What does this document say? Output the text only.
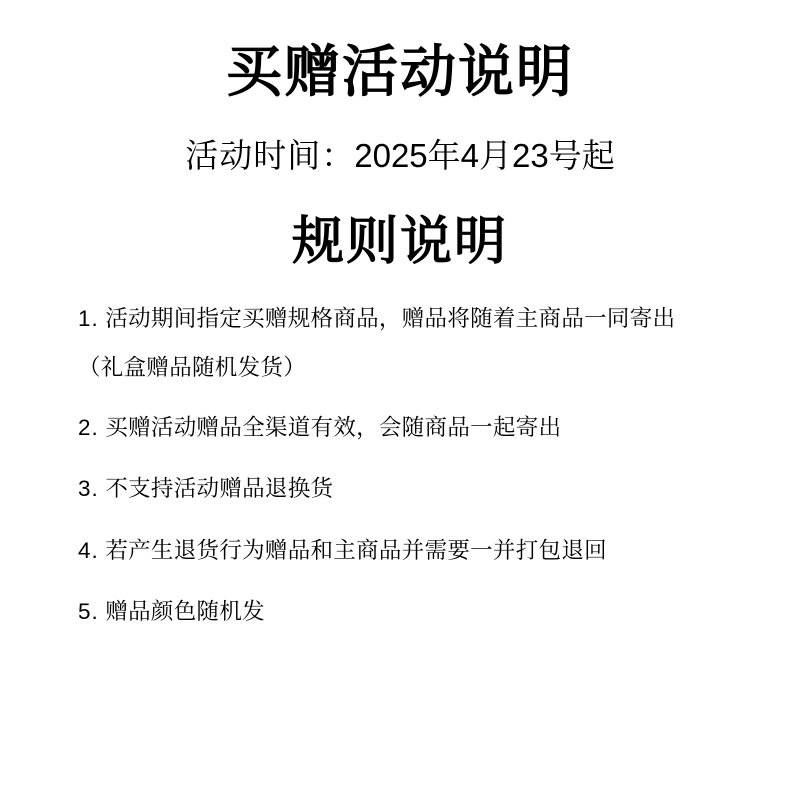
买赠活动说明
活动时间：2025年4月23号起
规则说明
1. 活动期间指定买赠规格商品，赠品将随着主商品一同寄出
（礼盒赠品随机发货）
2. 买赠活动赠品全渠道有效，会随商品一起寄出
3. 不支持活动赠品退换货
4. 若产生退货行为赠品和主商品并需要一并打包退回
5. 赠品颜色随机发
